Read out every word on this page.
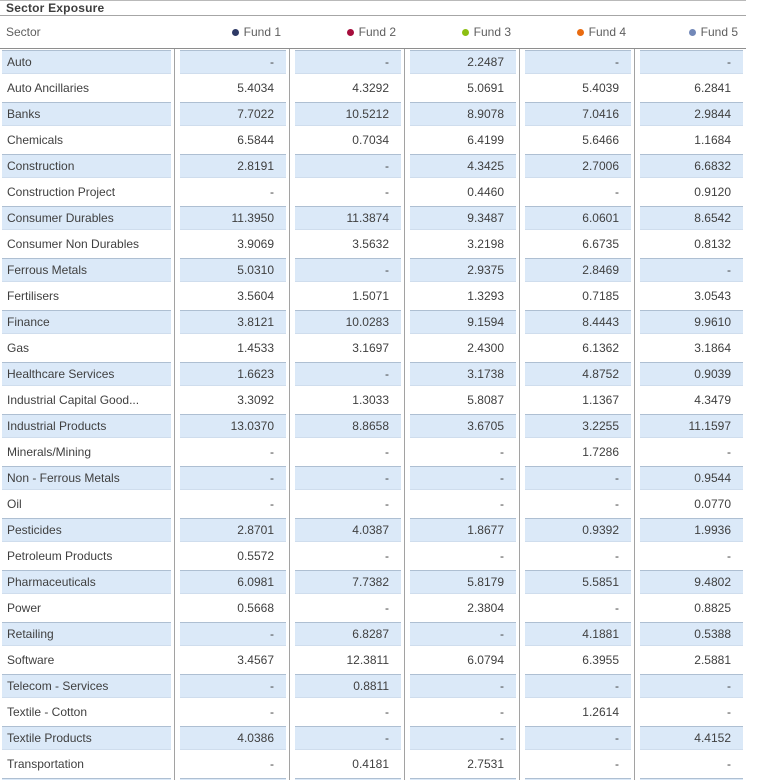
Sector Exposure
Sector	Fund 1	Fund 2	Fund 3	Fund 4	Fund 5
Auto	-	-	2.2487	-	-
Auto Ancillaries	5.4034	4.3292	5.0691	5.4039	6.2841
Banks	7.7022	10.5212	8.9078	7.0416	2.9844
Chemicals	6.5844	0.7034	6.4199	5.6466	1.1684
Construction	2.8191	-	4.3425	2.7006	6.6832
Construction Project	-	-	0.4460	-	0.9120
Consumer Durables	11.3950	11.3874	9.3487	6.0601	8.6542
Consumer Non Durables	3.9069	3.5632	3.2198	6.6735	0.8132
Ferrous Metals	5.0310	-	2.9375	2.8469	-
Fertilisers	3.5604	1.5071	1.3293	0.7185	3.0543
Finance	3.8121	10.0283	9.1594	8.4443	9.9610
Gas	1.4533	3.1697	2.4300	6.1362	3.1864
Healthcare Services	1.6623	-	3.1738	4.8752	0.9039
Industrial Capital Good...	3.3092	1.3033	5.8087	1.1367	4.3479
Industrial Products	13.0370	8.8658	3.6705	3.2255	11.1597
Minerals/Mining	-	-	-	1.7286	-
Non - Ferrous Metals	-	-	-	-	0.9544
Oil	-	-	-	-	0.0770
Pesticides	2.8701	4.0387	1.8677	0.9392	1.9936
Petroleum Products	0.5572	-	-	-	-
Pharmaceuticals	6.0981	7.7382	5.8179	5.5851	9.4802
Power	0.5668	-	2.3804	-	0.8825
Retailing	-	6.8287	-	4.1881	0.5388
Software	3.4567	12.3811	6.0794	6.3955	2.5881
Telecom - Services	-	0.8811	-	-	-
Textile - Cotton	-	-	-	1.2614	-
Textile Products	4.0386	-	-	-	4.4152
Transportation	-	0.4181	2.7531	-	-
